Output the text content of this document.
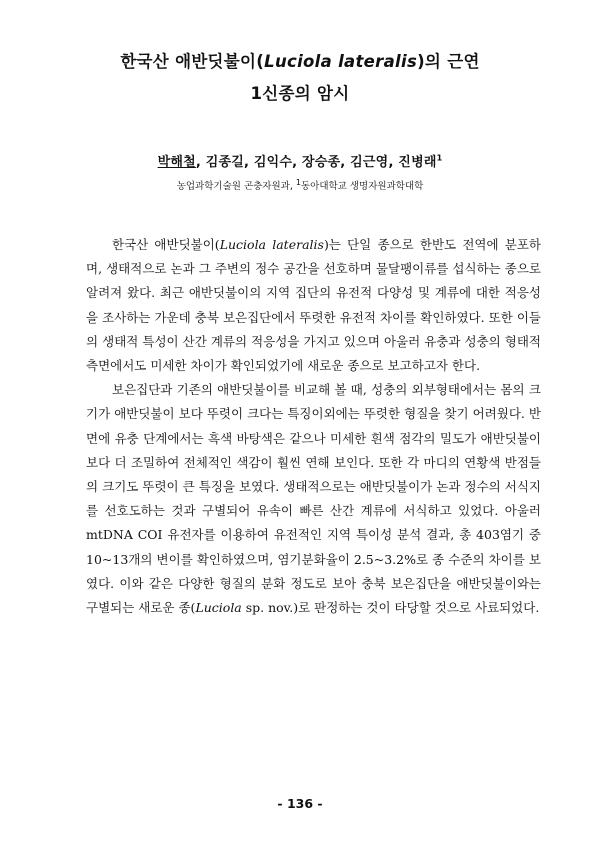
한국산 애반딧불이(Luciola lateralis)의 근연
1신종의 암시
박해철, 김종길, 김익수, 장승종, 김근영, 진병래$^1$
농업과학기술원 곤충자원과, $^1$동아대학교 생명자원과학대학

한국산 애반딧불이(Luciola lateralis)는 단일 종으로 한반도 전역에 분포하며, 생태적으로 논과 그 주변의 정수 공간을 선호하며 물달팽이류를 섭식하는 종으로 알려져 왔다. 최근 애반딧불이의 지역 집단의 유전적 다양성 및 계류에 대한 적응성을 조사하는 가운데 충북 보은집단에서 뚜렷한 유전적 차이를 확인하였다. 또한 이들의 생태적 특성이 산간 계류의 적응성을 가지고 있으며 아울러 유충과 성충의 형태적 측면에서도 미세한 차이가 확인되었기에 새로운 종으로 보고하고자 한다.

보은집단과 기존의 애반딧불이를 비교해 볼 때, 성충의 외부형태에서는 몸의 크기가 애반딧불이 보다 뚜렷이 크다는 특징이외에는 뚜렷한 형질을 찾기 어려웠다. 반면에 유충 단계에서는 흑색 바탕색은 같으나 미세한 흰색 점각의 밀도가 애반딧불이보다 더 조밀하여 전체적인 색감이 훨씬 연해 보인다. 또한 각 마디의 연황색 반점들의 크기도 뚜렷이 큰 특징을 보였다. 생태적으로는 애반딧불이가 논과 정수의 서식지를 선호도하는 것과 구별되어 유속이 빠른 산간 계류에 서식하고 있었다. 아울러 mtDNA COI 유전자를 이용하여 유전적인 지역 특이성 분석 결과, 총 403염기 중 10~13개의 변이를 확인하였으며, 염기분화율이 2.5~3.2%로 종 수준의 차이를 보였다. 이와 같은 다양한 형질의 분화 정도로 보아 충북 보은집단을 애반딧불이와는 구별되는 새로운 종(Luciola sp. nov.)로 판정하는 것이 타당할 것으로 사료되었다.

- 136 -
